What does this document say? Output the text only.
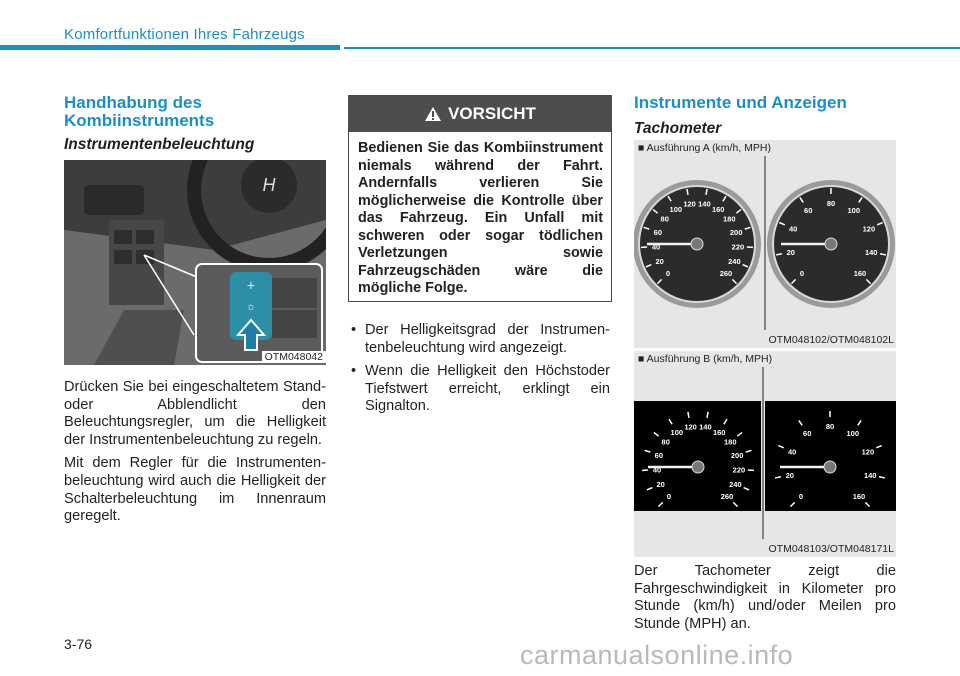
Komfortfunktionen Ihres Fahrzeugs
Handhabung des Kombiinstruments
Instrumentenbeleuchtung
H
+
☼
OTM048042

Drücken Sie bei eingeschaltetem Stand- oder Abblendlicht den Beleuchtungsregler, um die Helligkeit der Instrumentenbeleuchtung zu regeln.

Mit dem Regler für die Instrumentenbeleuchtung wird auch die Helligkeit der Schalterbeleuchtung im Innenraum geregelt.

VORSICHT
Bedienen Sie das Kombiinstrument niemals während der Fahrt. Andernfalls verlieren Sie möglicherweise die Kontrolle über das Fahrzeug. Ein Unfall mit schweren oder sogar tödlichen Verletzungen sowie Fahrzeugschäden wäre die mögliche Folge.
• Der Helligkeitsgrad der Instrumentenbeleuchtung wird angezeigt.
• Wenn die Helligkeit den Höchstoder Tiefstwert erreicht, erklingt ein Signalton.
Instrumente und Anzeigen
Tachometer
■ Ausführung A (km/h, MPH)
0
20
40
60
80
100
120 140
160
180
200
220
240
260	0
20
40
60
80
100
120
140
160
OTM048102/OTM048102L
■ Ausführung B (km/h, MPH)
0
20
40
60
80
100
120 140
160
180
200
220
240
260	0
20
40
60
80
100
120
140
160
OTM048103/OTM048171L
Der Tachometer zeigt die Fahrgeschwindigkeit in Kilometer pro Stunde (km/h) und/oder Meilen pro Stunde (MPH) an.
3-76	carmanualsonline.info
